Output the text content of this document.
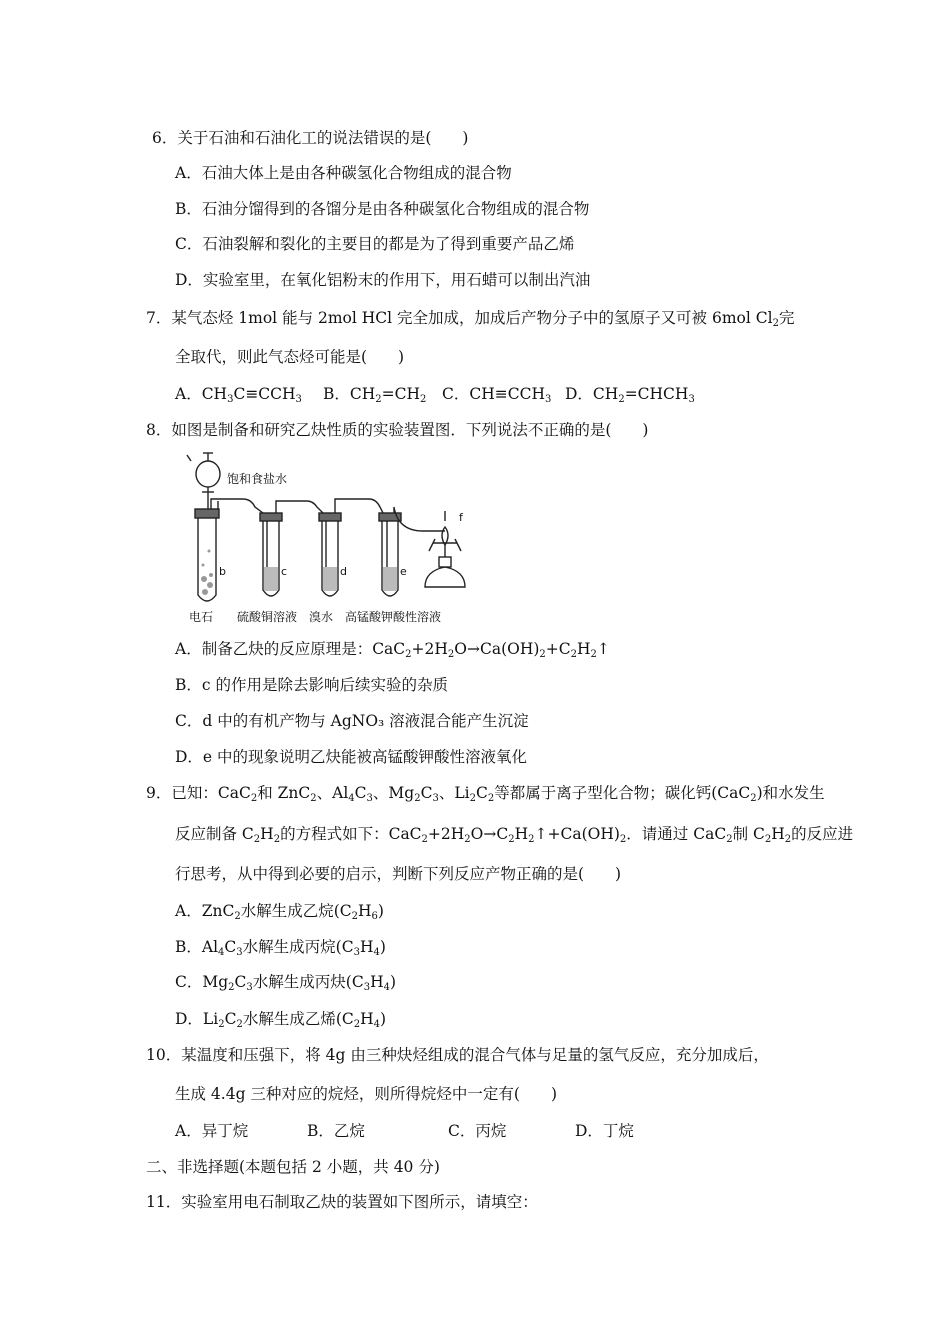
6．关于石油和石油化工的说法错误的是(　　)
A．石油大体上是由各种碳氢化合物组成的混合物
B．石油分馏得到的各馏分是由各种碳氢化合物组成的混合物
C．石油裂解和裂化的主要目的都是为了得到重要产品乙烯
D．实验室里，在氧化铝粉末的作用下，用石蜡可以制出汽油
7．某气态烃 1mol 能与 2mol HCl 完全加成，加成后产物分子中的氢原子又可被 6mol $Cl_2$完
全取代，则此气态烃可能是(　　)
A．$CH_3C\equiv CCH_3$ B．$CH_2=CH_2$ C．$CH\equiv CCH_3$ D．$CH_2=CHCH_3$
8．如图是制备和研究乙炔性质的实验装置图．下列说法不正确的是(　　)
饱和食盐水
b	c	d	e
f
电石　　硫酸铜溶液　溴水　高锰酸钾酸性溶液
A．制备乙炔的反应原理是：$CaC_2+2H_2O\to Ca(OH)_2+C_2H_2↑$
B．c 的作用是除去影响后续实验的杂质
C．d 中的有机产物与 AgNO₃ 溶液混合能产生沉淀
D．e 中的现象说明乙炔能被高锰酸钾酸性溶液氧化
9．已知：CaC$_2$和 ZnC$_2$、$Al_4C_3$、$Mg_2C_3$、$Li_2C_2$等都属于离子型化合物；碳化钙(CaC$_2$)和水发生
反应制备 $C_2H_2$的方程式如下：$CaC_2+2H_2O\to C_2H_2↑+Ca(OH)_2$．请通过 CaC$_2$制 $C_2H_2$的反应进
行思考，从中得到必要的启示，判断下列反应产物正确的是(　　)
A．ZnC$_2$水解生成乙烷$(C_2H_6)$
B．$Al_4C_3$水解生成丙烷$(C_3H_4)$
C．$Mg_2C_3$水解生成丙炔$(C_3H_4)$
D．$Li_2C_2$水解生成乙烯$(C_2H_4)$
10．某温度和压强下，将 4g 由三种炔烃组成的混合气体与足量的氢气反应，充分加成后，
生成 4.4g 三种对应的烷烃，则所得烷烃中一定有(　　)
A．异丁烷	B．乙烷	C．丙烷	D．丁烷
二、非选择题(本题包括 2 小题，共 40 分)
11．实验室用电石制取乙炔的装置如下图所示，请填空：
